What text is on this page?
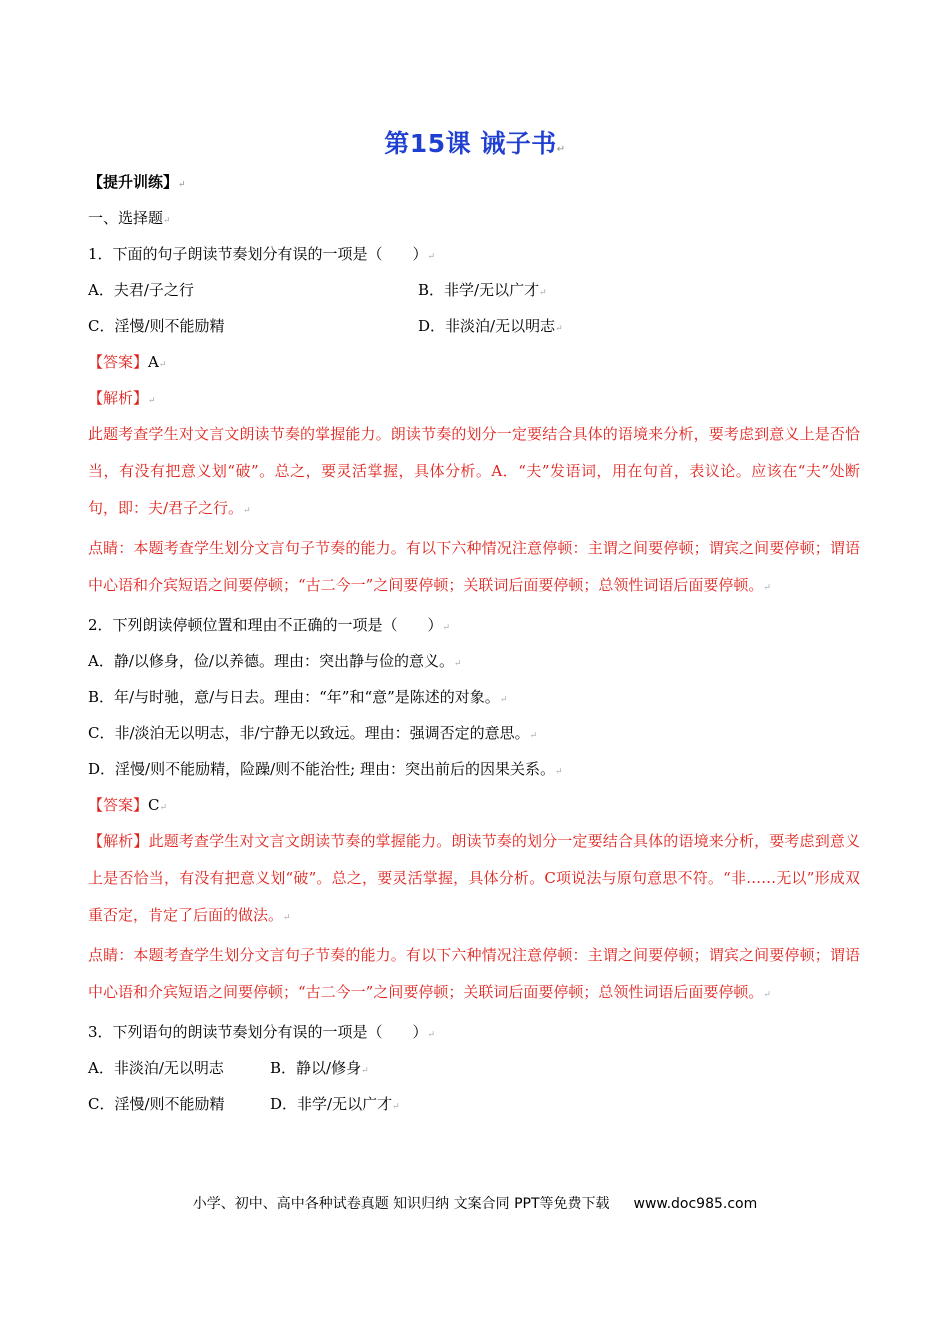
第15课 诫子书↵
【提升训练】↵
一、选择题↵
1．下面的句子朗读节奏划分有误的一项是（　　）↵
A．夫君/子之行	B．非学/无以广才↵
C．淫慢/则不能励精	D．非淡泊/无以明志↵
【答案】A↵
【解析】↵
此题考查学生对文言文朗读节奏的掌握能力。朗读节奏的划分一定要结合具体的语境来分析，要考虑到意义上是否恰当，有没有把意义划“破”。总之，要灵活掌握，具体分析。A．“夫”发语词，用在句首，表议论。应该在“夫”处断句，即：夫/君子之行。↵
点睛：本题考查学生划分文言句子节奏的能力。有以下六种情况注意停顿：主谓之间要停顿；谓宾之间要停顿；谓语中心语和介宾短语之间要停顿；“古二今一”之间要停顿；关联词后面要停顿；总领性词语后面要停顿。↵
2．下列朗读停顿位置和理由不正确的一项是（　　）↵
A．静/以修身，俭/以养德。理由：突出静与俭的意义。↵
B．年/与时驰，意/与日去。理由：“年”和“意”是陈述的对象。↵
C．非/淡泊无以明志，非/宁静无以致远。理由：强调否定的意思。↵
D．淫慢/则不能励精，险躁/则不能治性; 理由：突出前后的因果关系。↵
【答案】C↵
【解析】此题考查学生对文言文朗读节奏的掌握能力。朗读节奏的划分一定要结合具体的语境来分析，要考虑到意义上是否恰当，有没有把意义划“破”。总之，要灵活掌握，具体分析。C项说法与原句意思不符。“非……无以”形成双重否定，肯定了后面的做法。↵
点睛：本题考查学生划分文言句子节奏的能力。有以下六种情况注意停顿：主谓之间要停顿；谓宾之间要停顿；谓语中心语和介宾短语之间要停顿；“古二今一”之间要停顿；关联词后面要停顿；总领性词语后面要停顿。↵
3．下列语句的朗读节奏划分有误的一项是（　　）↵
A．非淡泊/无以明志	B．静以/修身↵
C．淫慢/则不能励精	D．非学/无以广才↵
小学、初中、高中各种试卷真题 知识归纳 文案合同 PPT等免费下载 www.doc985.com
